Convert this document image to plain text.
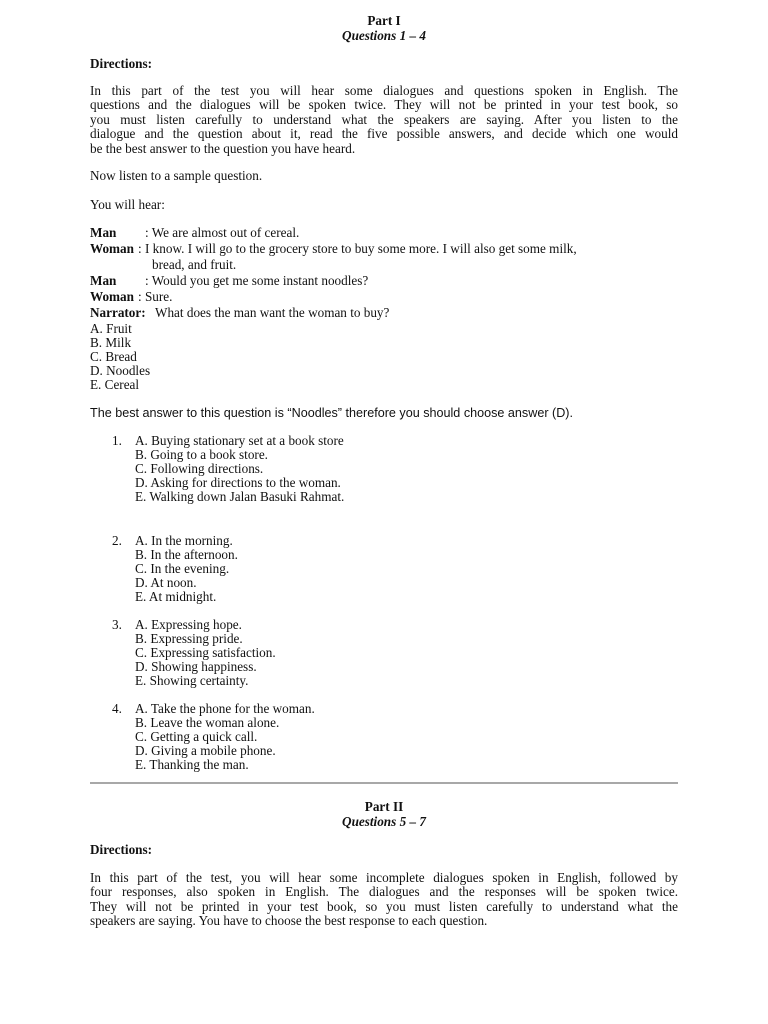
Part I
Questions 1 – 4
Directions:
In this part of the test you will hear some dialogues and questions spoken in English. The
questions and the dialogues will be spoken twice. They will not be printed in your test book, so
you must listen carefully to understand what the speakers are saying. After you listen to the
dialogue and the question about it, read the five possible answers, and decide which one would
be the best answer to the question you have heard.
Now listen to a sample question.
You will hear:
Man : We are almost out of cereal.
Woman : I know. I will go to the grocery store to buy some more. I will also get some milk,
bread, and fruit.
Man : Would you get me some instant noodles?
Woman : Sure.
Narrator: What does the man want the woman to buy?
A. Fruit
B. Milk
C. Bread
D. Noodles
E. Cereal
The best answer to this question is “Noodles” therefore you should choose answer (D).
1. A. Buying stationary set at a book store
B. Going to a book store.
C. Following directions.
D. Asking for directions to the woman.
E. Walking down Jalan Basuki Rahmat.
2. A. In the morning.
B. In the afternoon.
C. In the evening.
D. At noon.
E. At midnight.
3. A. Expressing hope.
B. Expressing pride.
C. Expressing satisfaction.
D. Showing happiness.
E. Showing certainty.
4. A. Take the phone for the woman.
B. Leave the woman alone.
C. Getting a quick call.
D. Giving a mobile phone.
E. Thanking the man.
Part II
Questions 5 – 7
Directions:
In this part of the test, you will hear some incomplete dialogues spoken in English, followed by
four responses, also spoken in English. The dialogues and the responses will be spoken twice.
They will not be printed in your test book, so you must listen carefully to understand what the
speakers are saying. You have to choose the best response to each question.
